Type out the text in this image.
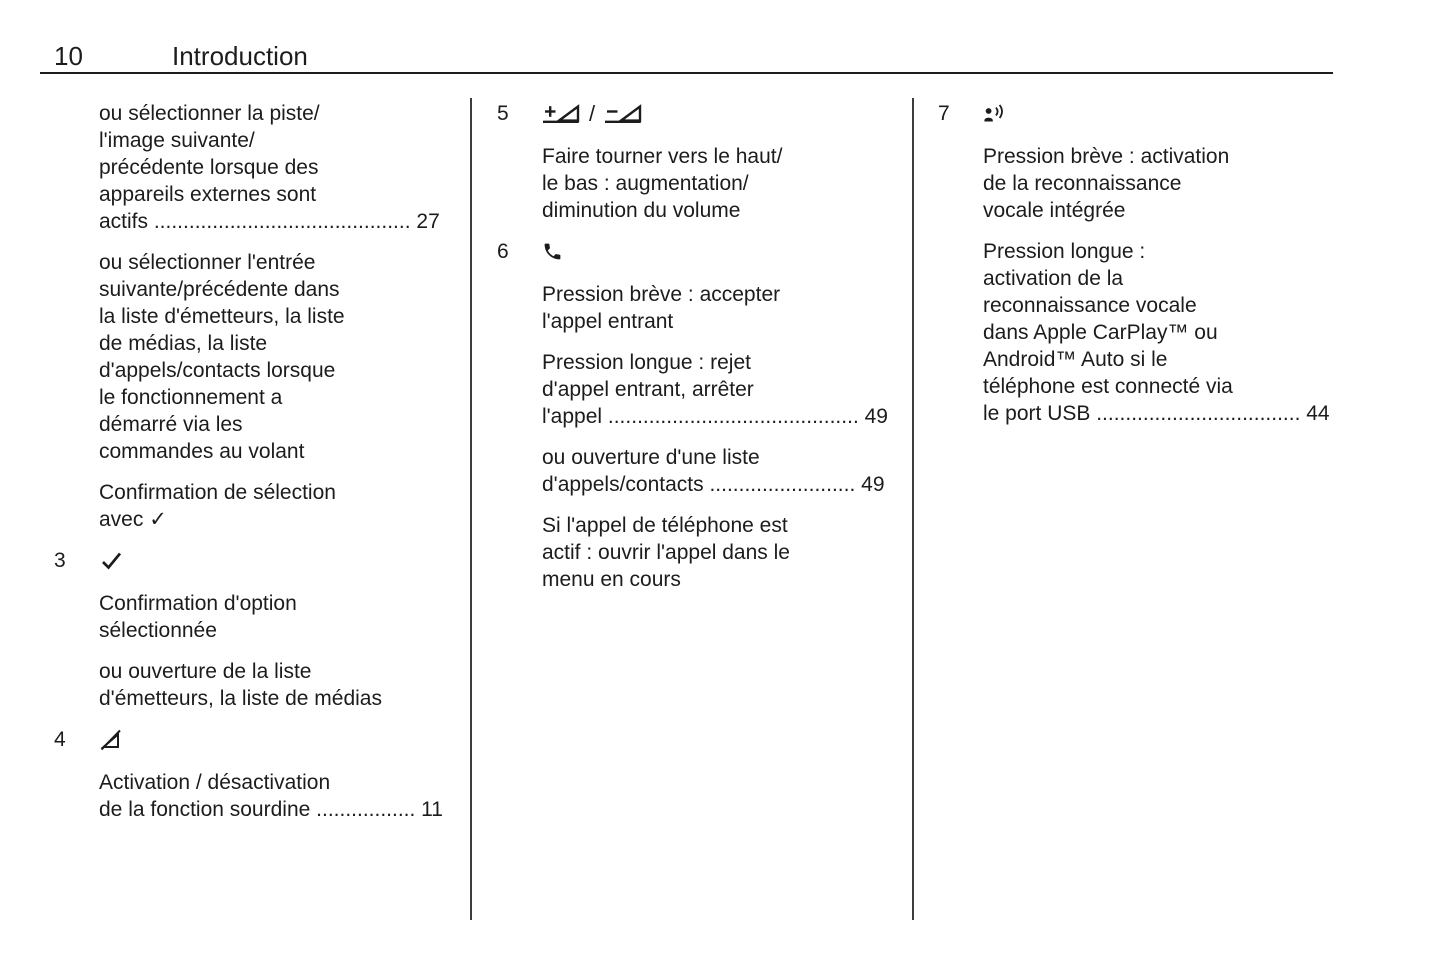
10	Introduction
ou sélectionner la piste/
l'image suivante/
précédente lorsque des
appareils externes sont
actifs ............................................ 27
ou sélectionner l'entrée
suivante/précédente dans
la liste d'émetteurs, la liste
de médias, la liste
d'appels/contacts lorsque
le fonctionnement a
démarré via les
commandes au volant
Confirmation de sélection
avec ✓
3
Confirmation d'option
sélectionnée
ou ouverture de la liste
d'émetteurs, la liste de médias
4
Activation / désactivation
de la fonction sourdine ................. 11
5	/
Faire tourner vers le haut/
le bas : augmentation/
diminution du volume
6
Pression brève : accepter
l'appel entrant
Pression longue : rejet
d'appel entrant, arrêter
l'appel ........................................... 49
ou ouverture d'une liste
d'appels/contacts ......................... 49
Si l'appel de téléphone est
actif : ouvrir l'appel dans le
menu en cours
7
Pression brève : activation
de la reconnaissance
vocale intégrée
Pression longue :
activation de la
reconnaissance vocale
dans Apple CarPlay™ ou
Android™ Auto si le
téléphone est connecté via
le port USB ................................... 44
